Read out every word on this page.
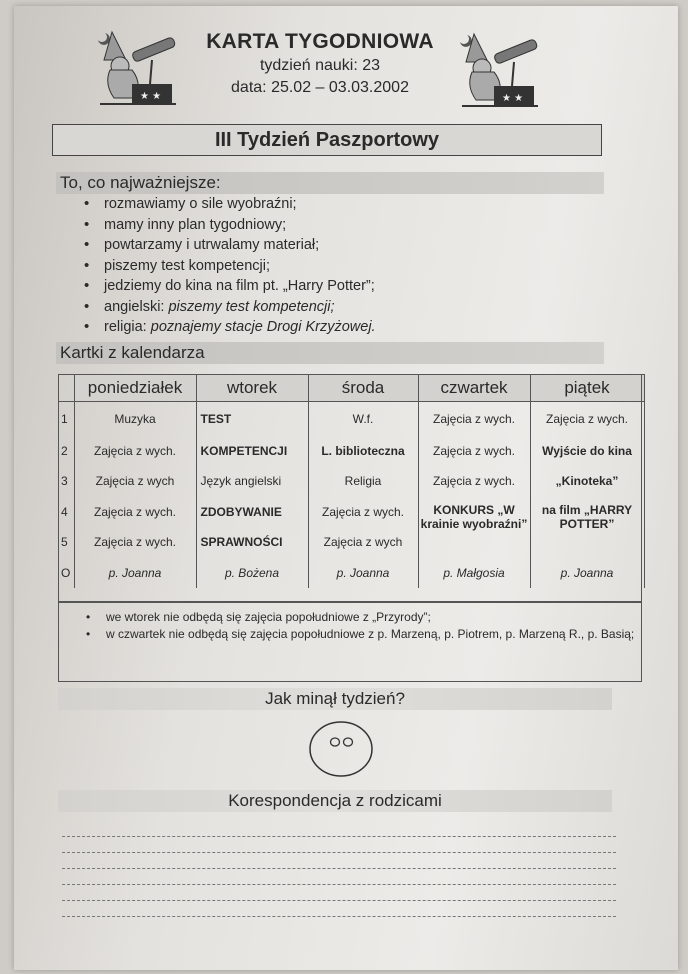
★ ★	★ ★
KARTA TYGODNIOWA
tydzień nauki: 23
data: 25.02 – 03.03.2002
III Tydzień Paszportowy
To, co najważniejsze:
• rozmawiamy o sile wyobraźni;
• mamy inny plan tygodniowy;
• powtarzamy i utrwalamy materiał;
• piszemy test kompetencji;
• jedziemy do kina na film pt. „Harry Potter”;
• angielski: piszemy test kompetencji;
• religia: poznajemy stacje Drogi Krzyżowej.
Kartki z kalendarza
	poniedziałek	wtorek	środa	czwartek	piątek
1	Muzyka	TEST	W.f.	Zajęcia z wych.	Zajęcia z wych.
2	Zajęcia z wych.	KOMPETENCJI	L. biblioteczna	Zajęcia z wych.	Wyjście do kina
3	Zajęcia z wych	Język angielski	Religia	Zajęcia z wych.	„Kinoteka”
4	Zajęcia z wych.	ZDOBYWANIE	Zajęcia z wych.	KONKURS „W krainie wyobraźni”	na film „HARRY POTTER”
5	Zajęcia z wych.	SPRAWNOŚCI	Zajęcia z wych		
O	p. Joanna	p. Bożena	p. Joanna	p. Małgosia	p. Joanna
• we wtorek nie odbędą się zajęcia popołudniowe z „Przyrody”;
• w czwartek nie odbędą się zajęcia popołudniowe z p. Marzeną, p. Piotrem, p. Marzeną R., p. Basią;
Jak minął tydzień?
Korespondencja z rodzicami
